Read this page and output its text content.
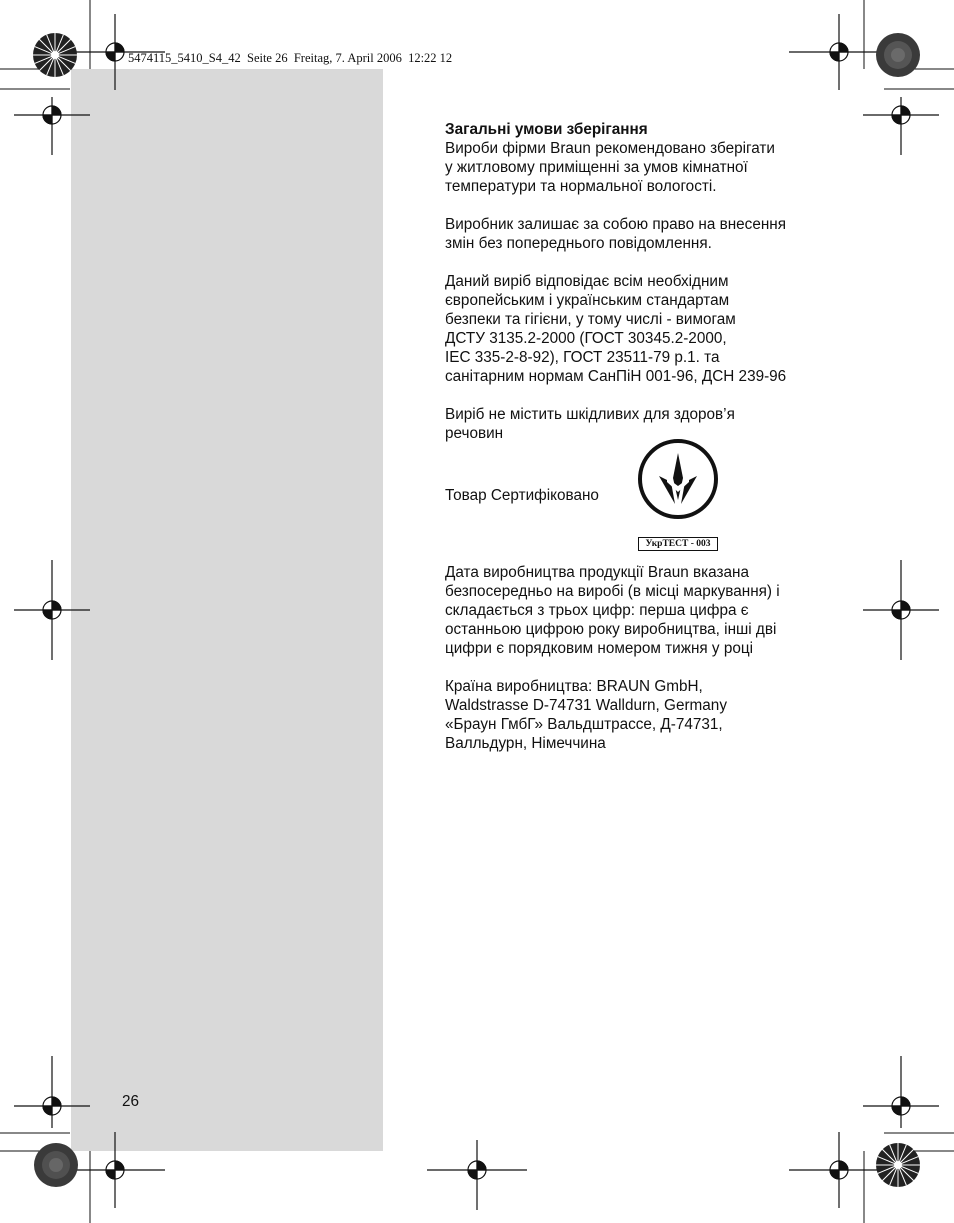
5474115_5410_S4_42  Seite 26  Freitag, 7. April 2006  12:22 12
Загальні умови зберігання

Вироби фірми Braun рекомендовано зберігати
у житловому приміщенні за умов кімнатної
температури та нормальної вологості.

Виробник залишає за собою право на внесення
змін без попереднього повідомлення.

Даний виріб відповідає всім необхідним
європейським і українським стандартам
безпеки та гігієни, у тому числі - вимогам
ДСТУ 3135.2-2000 (ГОСТ 30345.2-2000,
IEC 335-2-8-92), ГОСТ 23511-79 р.1. та
санітарним нормам СанПіН 001-96, ДСН 239-96

Виріб не містить шкідливих для здоров’я
речовин

Товар Сертифіковано
УкрТЕСТ - 003

Дата виробництва продукції Braun вказана
безпосередньо на виробі (в місці маркування) і
складається з трьох цифр: перша цифра є
останньою цифрою року виробництва, інші дві
цифри є порядковим номером тижня у році

Країна виробництва: BRAUN GmbH,
Waldstrasse D-74731 Walldurn, Germany
«Браун ГмбГ» Вальдштрассе, Д-74731,
Валльдурн, Німеччина

26
